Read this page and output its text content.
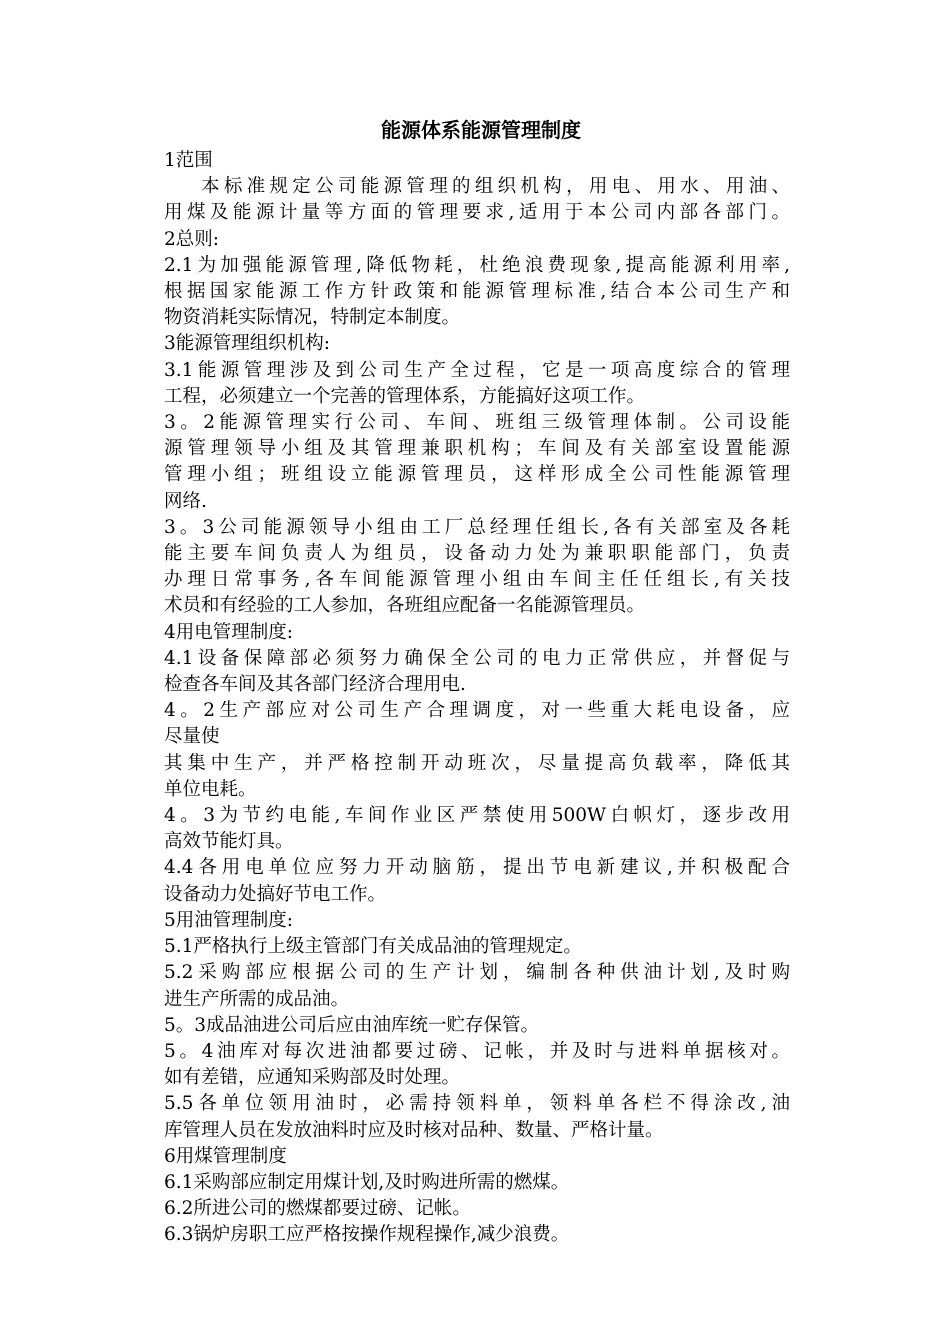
能源体系能源管理制度

1范围

本标准规定公司能源管理的组织机构，用电、用水、用油、

用煤及能源计量等方面的管理要求,适用于本公司内部各部门。

2总则:

2.1为加强能源管理,降低物耗，杜绝浪费现象,提高能源利用率,

根据国家能源工作方针政策和能源管理标准,结合本公司生产和

物资消耗实际情况，特制定本制度。

3能源管理组织机构:

3.1能源管理涉及到公司生产全过程，它是一项高度综合的管理

工程，必须建立一个完善的管理体系，方能搞好这项工作。

3。2能源管理实行公司、车间、班组三级管理体制。公司设能

源管理领导小组及其管理兼职机构；车间及有关部室设置能源

管理小组；班组设立能源管理员，这样形成全公司性能源管理

网络.

3。3公司能源领导小组由工厂总经理任组长,各有关部室及各耗

能主要车间负责人为组员，设备动力处为兼职职能部门，负责

办理日常事务,各车间能源管理小组由车间主任任组长,有关技

术员和有经验的工人参加，各班组应配备一名能源管理员。

4用电管理制度:

4.1设备保障部必须努力确保全公司的电力正常供应，并督促与

检查各车间及其各部门经济合理用电.

4。2生产部应对公司生产合理调度，对一些重大耗电设备，应

尽量使

其集中生产，并严格控制开动班次，尽量提高负载率，降低其

单位电耗。

4。3为节约电能,车间作业区严禁使用500W白帜灯，逐步改用

高效节能灯具。

4.4各用电单位应努力开动脑筋，提出节电新建议,并积极配合

设备动力处搞好节电工作。

5用油管理制度:

5.1严格执行上级主管部门有关成品油的管理规定。

5.2采购部应根据公司的生产计划，编制各种供油计划,及时购

进生产所需的成品油。

5。3成品油进公司后应由油库统一贮存保管。

5。4油库对每次进油都要过磅、记帐，并及时与进料单据核对。

如有差错，应通知采购部及时处理。

5.5各单位领用油时，必需持领料单，领料单各栏不得涂改,油

库管理人员在发放油料时应及时核对品种、数量、严格计量。

6用煤管理制度

6.1采购部应制定用煤计划,及时购进所需的燃煤。

6.2所进公司的燃煤都要过磅、记帐。

6.3锅炉房职工应严格按操作规程操作,减少浪费。
